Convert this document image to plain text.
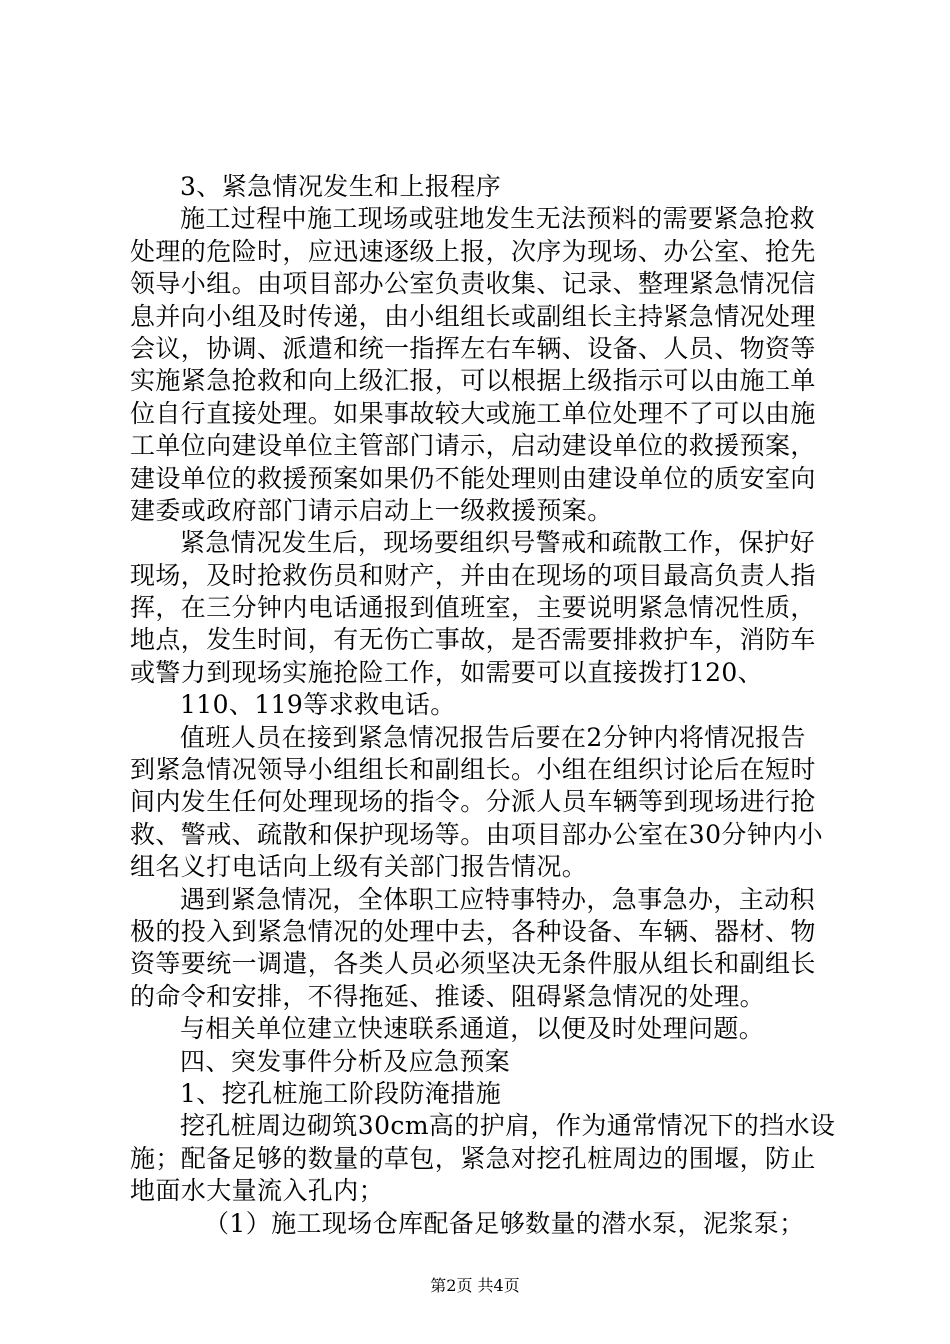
3、紧急情况发生和上报程序
施工过程中施工现场或驻地发生无法预料的需要紧急抢救
处理的危险时，应迅速逐级上报，次序为现场、办公室、抢先
领导小组。由项目部办公室负责收集、记录、整理紧急情况信
息并向小组及时传递，由小组组长或副组长主持紧急情况处理
会议，协调、派遣和统一指挥左右车辆、设备、人员、物资等
实施紧急抢救和向上级汇报，可以根据上级指示可以由施工单
位自行直接处理。如果事故较大或施工单位处理不了可以由施
工单位向建设单位主管部门请示，启动建设单位的救援预案，
建设单位的救援预案如果仍不能处理则由建设单位的质安室向
建委或政府部门请示启动上一级救援预案。
紧急情况发生后，现场要组织号警戒和疏散工作，保护好
现场，及时抢救伤员和财产，并由在现场的项目最高负责人指
挥，在三分钟内电话通报到值班室，主要说明紧急情况性质，
地点，发生时间，有无伤亡事故，是否需要排救护车，消防车
或警力到现场实施抢险工作，如需要可以直接拨打120、
110、119等求救电话。
值班人员在接到紧急情况报告后要在2分钟内将情况报告
到紧急情况领导小组组长和副组长。小组在组织讨论后在短时
间内发生任何处理现场的指令。分派人员车辆等到现场进行抢
救、警戒、疏散和保护现场等。由项目部办公室在30分钟内小
组名义打电话向上级有关部门报告情况。
遇到紧急情况，全体职工应特事特办，急事急办，主动积
极的投入到紧急情况的处理中去，各种设备、车辆、器材、物
资等要统一调遣，各类人员必须坚决无条件服从组长和副组长
的命令和安排，不得拖延、推诿、阻碍紧急情况的处理。
与相关单位建立快速联系通道，以便及时处理问题。
四、突发事件分析及应急预案
1、挖孔桩施工阶段防淹措施
挖孔桩周边砌筑30cm高的护肩，作为通常情况下的挡水设
施；配备足够的数量的草包，紧急对挖孔桩周边的围堰，防止
地面水大量流入孔内；
（1）施工现场仓库配备足够数量的潜水泵，泥浆泵；
第2页 共4页
